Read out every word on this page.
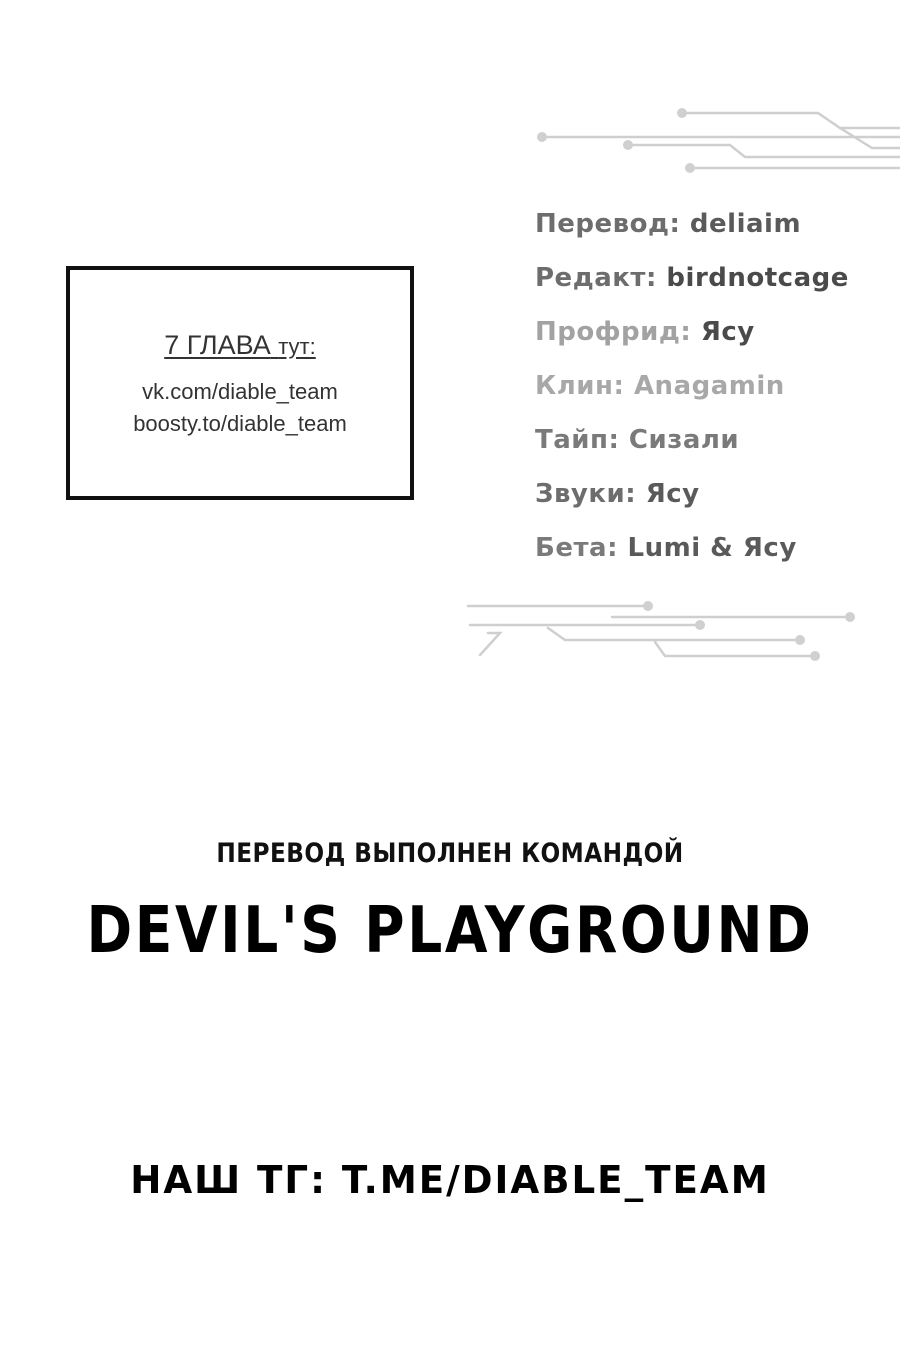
7 ГЛАВА тут:
vk.com/diable_team
boosty.to/diable_team
Перевод: deliaim
Редакт: birdnotcage
Профрид: Ясу
Клин: Anagamin
Тайп: Сизали
Звуки: Ясу
Бета: Lumi & Ясу
ПЕРЕВОД ВЫПОЛНЕН КОМАНДОЙ
DEVIL'S PLAYGROUND
НАШ ТГ: T.ME/DIABLE_TEAM
